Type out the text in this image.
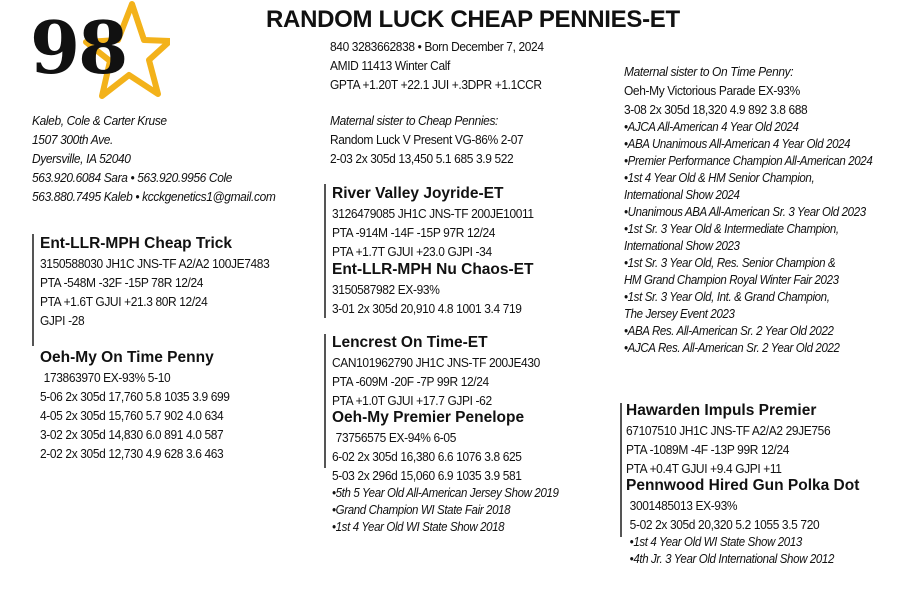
98	RANDOM LUCK CHEAP PENNIES-ET
Kaleb, Cole & Carter Kruse
1507 300th Ave.
Dyersville, IA 52040
563.920.6084 Sara • 563.920.9956 Cole
563.880.7495 Kaleb • kcckgenetics1@gmail.com
840 3283662838 • Born December 7, 2024
AMID 11413 Winter Calf
GPTA +1.20T +22.1 JUI +.3DPR +1.1CCR
Maternal sister to Cheap Pennies:
Random Luck V Present VG-86% 2-07
2-03 2x 305d 13,450 5.1 685 3.9 522
Ent-LLR-MPH Cheap Trick
3150588030 JH1C JNS-TF A2/A2 100JE7483
PTA -548M -32F -15P 78R 12/24
PTA +1.6T GJUI +21.3 80R 12/24
GJPI -28
Oeh-My On Time Penny
173863970 EX-93% 5-10
5-06 2x 305d 17,760 5.8 1035 3.9 699
4-05 2x 305d 15,760 5.7 902 4.0 634
3-02 2x 305d 14,830 6.0 891 4.0 587
2-02 2x 305d 12,730 4.9 628 3.6 463
River Valley Joyride-ET
3126479085 JH1C JNS-TF 200JE10011
PTA -914M -14F -15P 97R 12/24
PTA +1.7T GJUI +23.0 GJPI -34
Ent-LLR-MPH Nu Chaos-ET
3150587982 EX-93%
3-01 2x 305d 20,910 4.8 1001 3.4 719
Lencrest On Time-ET
CAN101962790 JH1C JNS-TF 200JE430
PTA -609M -20F -7P 99R 12/24
PTA +1.0T GJUI +17.7 GJPI -62
Oeh-My Premier Penelope
73756575 EX-94% 6-05
6-02 2x 305d 16,380 6.6 1076 3.8 625
5-03 2x 296d 15,060 6.9 1035 3.9 581
•5th 5 Year Old All-American Jersey Show 2019
•Grand Champion WI State Fair 2018
•1st 4 Year Old WI State Show 2018
Maternal sister to On Time Penny:
Oeh-My Victorious Parade EX-93%
3-08 2x 305d 18,320 4.9 892 3.8 688
•AJCA All-American 4 Year Old 2024
•ABA Unanimous All-American 4 Year Old 2024
•Premier Performance Champion All-American 2024
•1st 4 Year Old & HM Senior Champion,
International Show 2024
•Unanimous ABA All-American Sr. 3 Year Old 2023
•1st Sr. 3 Year Old & Intermediate Champion,
International Show 2023
•1st Sr. 3 Year Old, Res. Senior Champion &
HM Grand Champion Royal Winter Fair 2023
•1st Sr. 3 Year Old, Int. & Grand Champion,
The Jersey Event 2023
•ABA Res. All-American Sr. 2 Year Old 2022
•AJCA Res. All-American Sr. 2 Year Old 2022
Hawarden Impuls Premier
67107510 JH1C JNS-TF A2/A2 29JE756
PTA -1089M -4F -13P 99R 12/24
PTA +0.4T GJUI +9.4 GJPI +11
Pennwood Hired Gun Polka Dot
3001485013 EX-93%
5-02 2x 305d 20,320 5.2 1055 3.5 720
•1st 4 Year Old WI State Show 2013
•4th Jr. 3 Year Old International Show 2012
